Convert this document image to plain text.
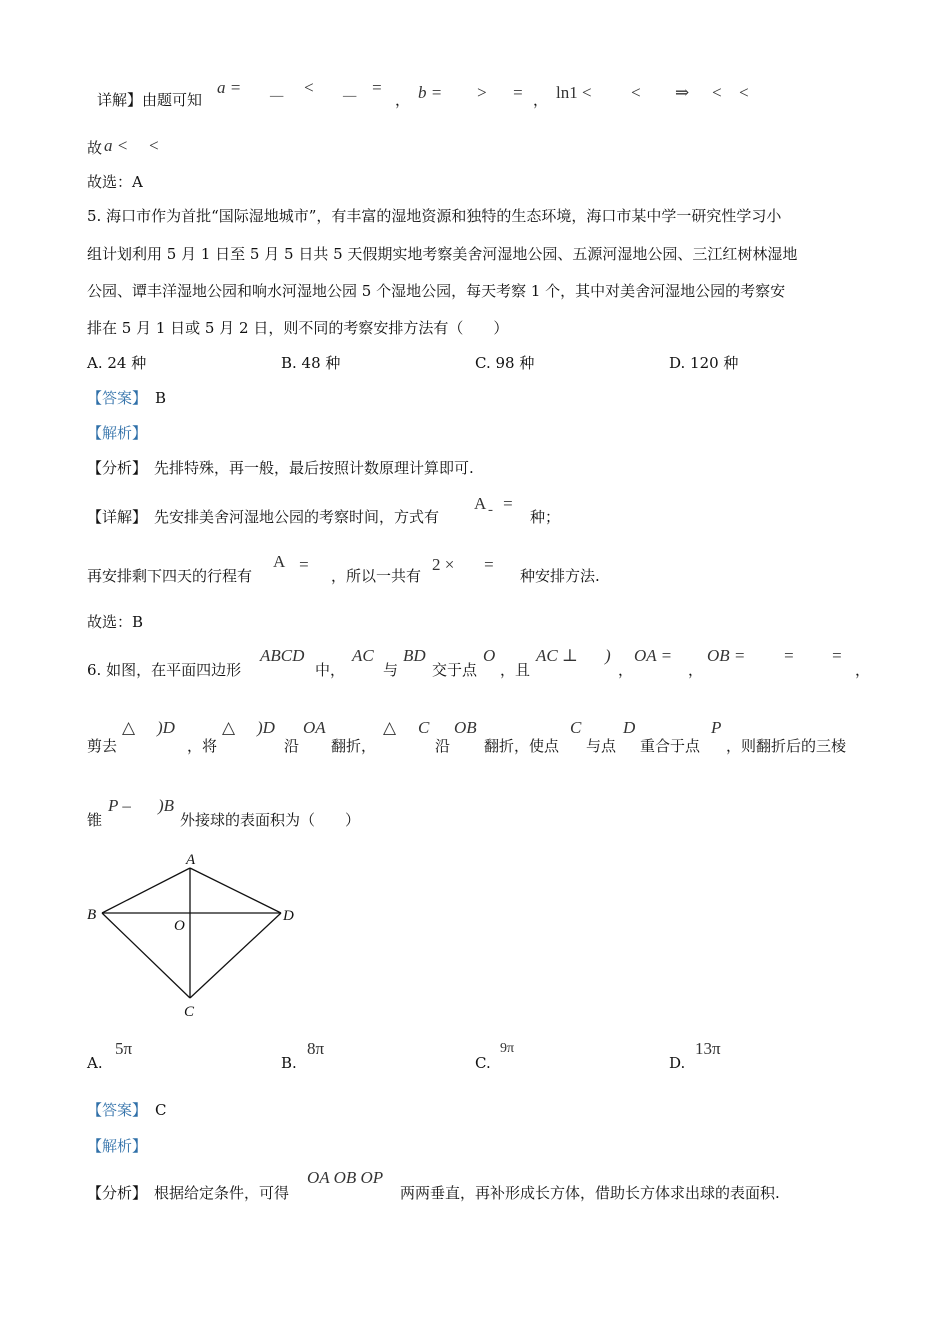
详解】由题可知
a = — < — =
， b = > = ， ln1 < < ⇒ < <
故 a < <
故选：A
5. 海口市作为首批“国际湿地城市”，有丰富的湿地资源和独特的生态环境，海口市某中学一研究性学习小
组计划利用 5 月 1 日至 5 月 5 日共 5 天假期实地考察美舍河湿地公园、五源河湿地公园、三江红树林湿地
公园、谭丰洋湿地公园和响水河湿地公园 5 个湿地公园，每天考察 1 个，其中对美舍河湿地公园的考察安
排在 5 月 1 日或 5 月 2 日，则不同的考察安排方法有（　　）
A. 24 种	B. 48 种	C. 98 种	D. 120 种
【答案】 B
【解析】
【分析】 先排特殊，再一般，最后按照计数原理计算即可.
【详解】 先安排美舍河湿地公园的考察时间，方式有
A - =
种；
再安排剩下四天的行程有
A =
，所以一共有
2 × =
种安排方法.
故选：B
6. 如图，在平面四边形
ABCD
中，
AC
与
BD
交于点
O
，且
AC ⊥ )
，
OA =
，
OB = = =
，
剪去
△ )D
，将
△ )D
沿
OA
翻折，
△ C
沿
OB
翻折，使点
C
与点
D
重合于点
P
，则翻折后的三棱
锥
P – )B
外接球的表面积为（　　）
A
B	D
C
O
A.
5π
B.
8π
C.
9π
D.
13π
【答案】 C
【解析】
【分析】 根据给定条件，可得
OA OB OP
两两垂直，再补形成长方体，借助长方体求出球的表面积.
